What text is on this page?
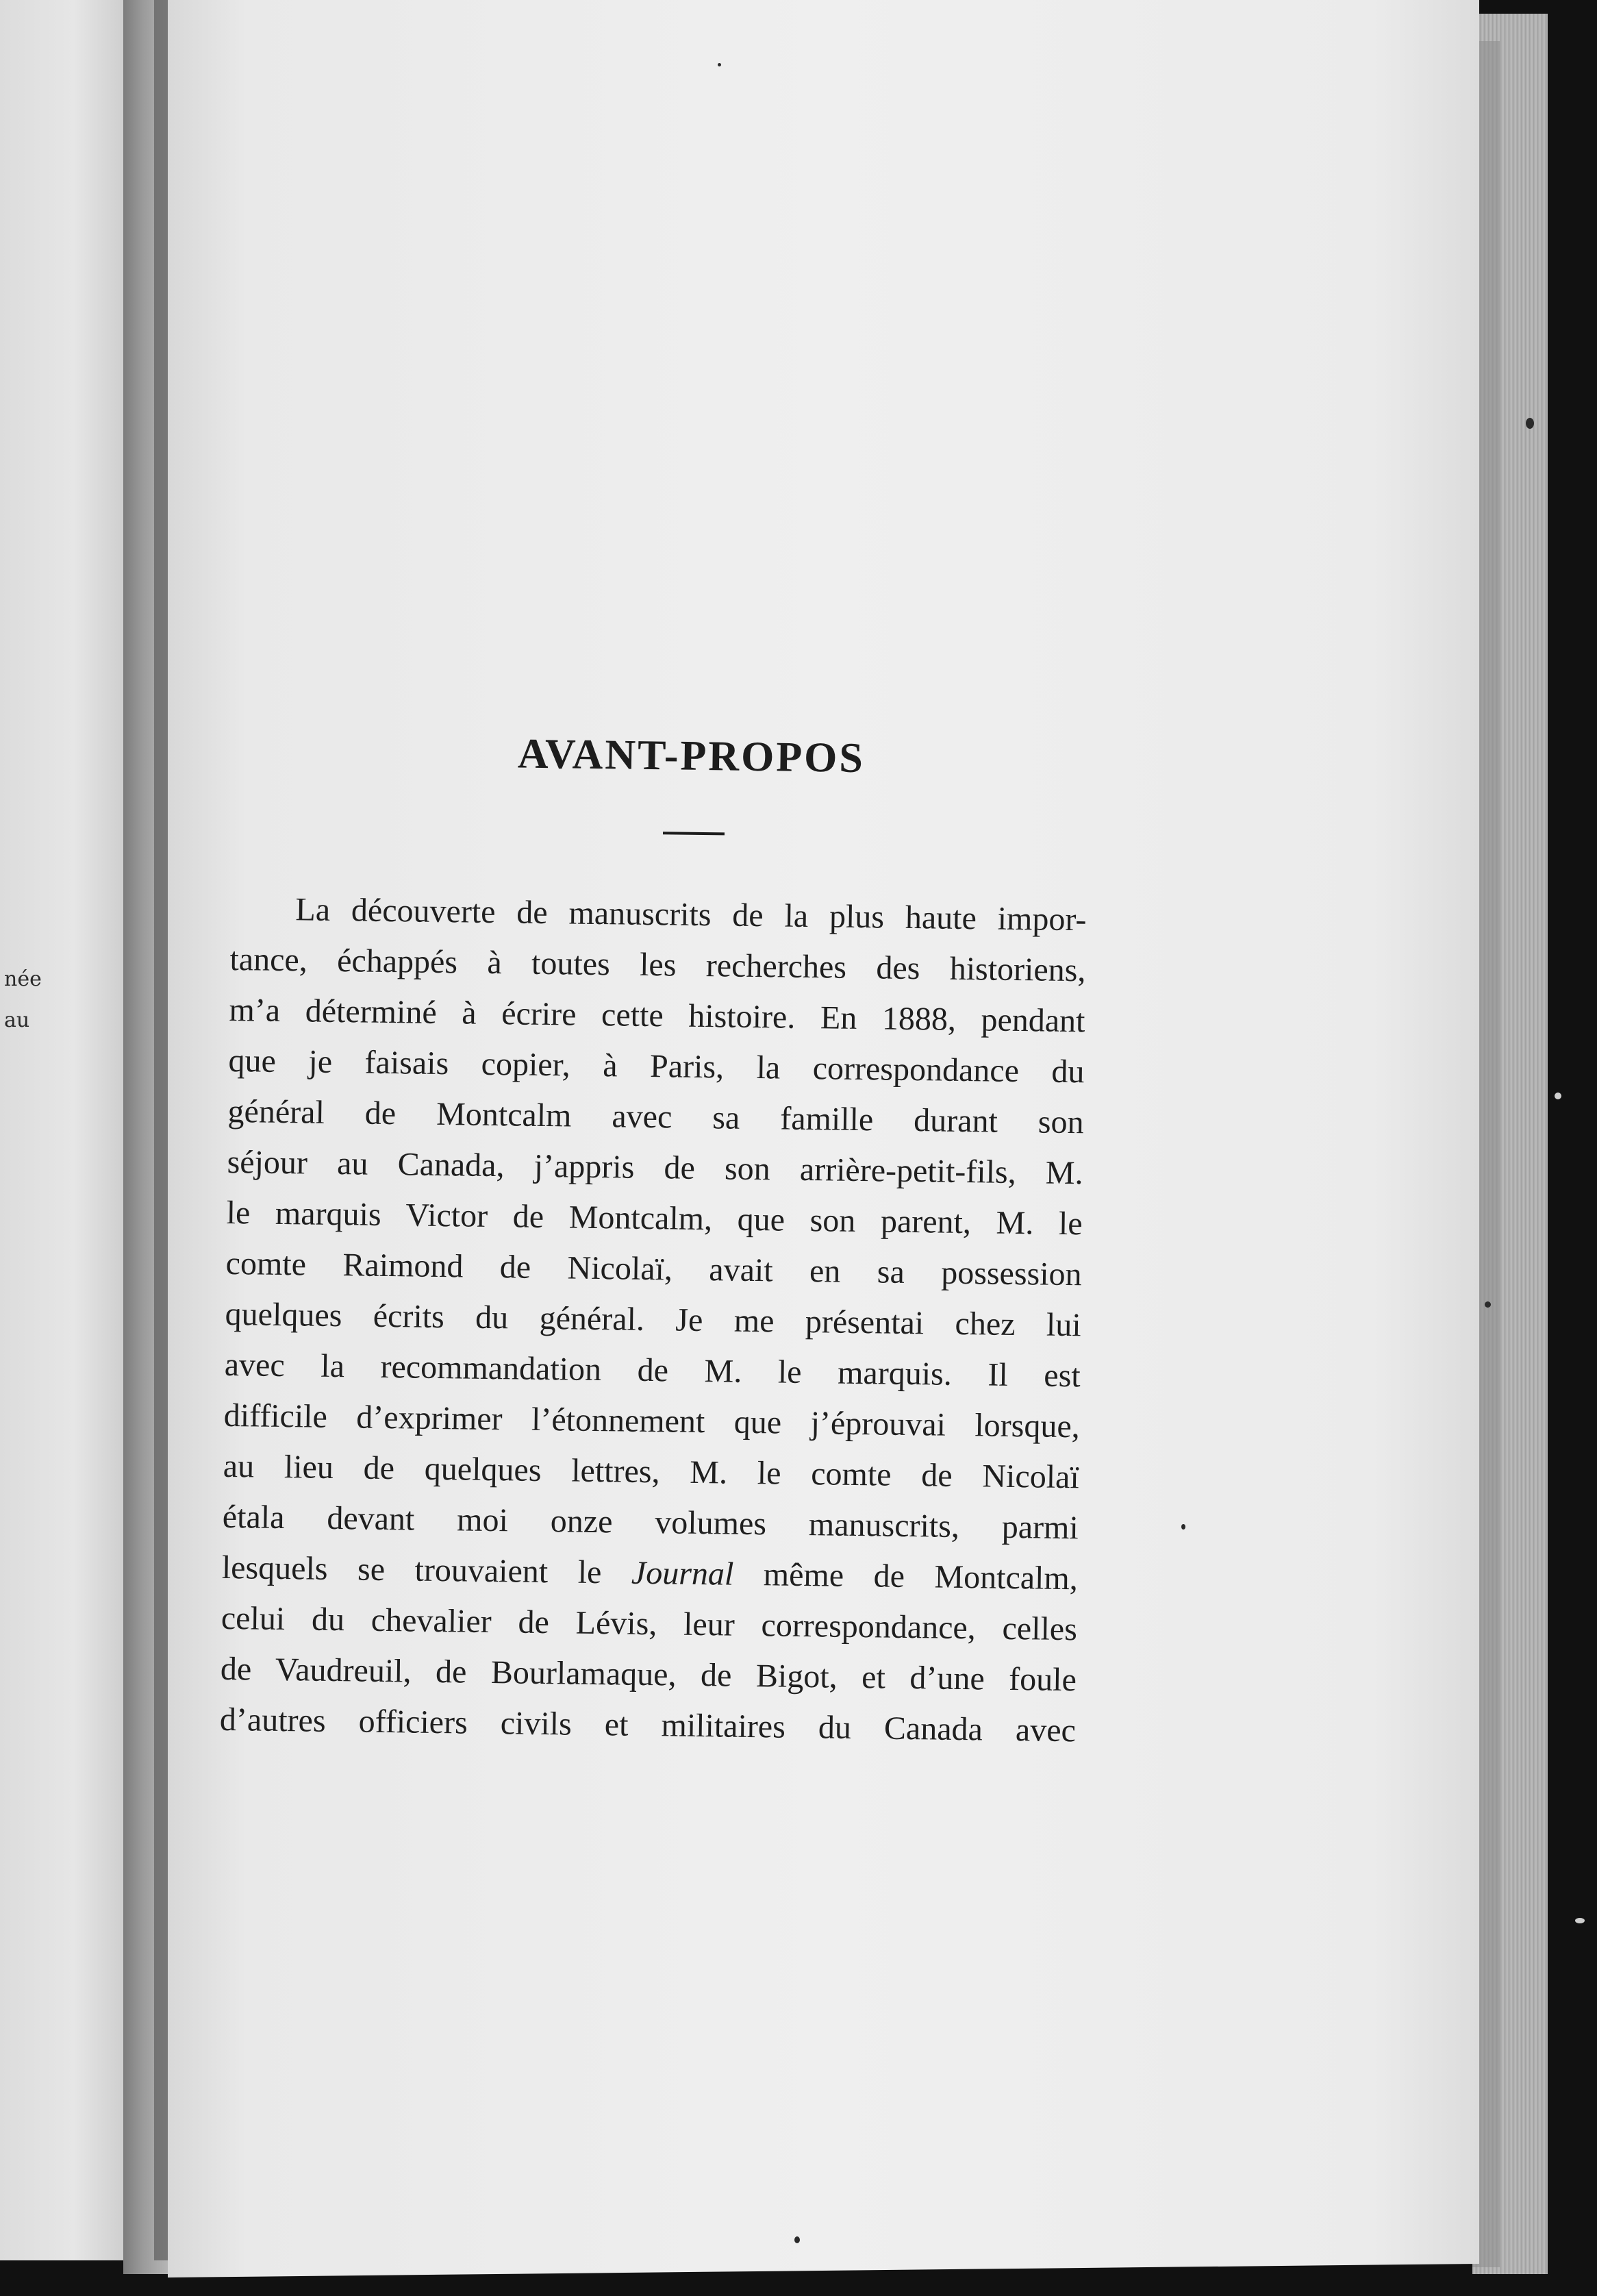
née
au
AVANT-PROPOS
La découverte de manuscrits de la plus haute impor-
tance, échappés à toutes les recherches des historiens,
m’a déterminé à écrire cette histoire. En 1888, pendant
que je faisais copier, à Paris, la correspondance du
général de Montcalm avec sa famille durant son
séjour au Canada, j’appris de son arrière-petit-fils, M.
le marquis Victor de Montcalm, que son parent, M. le
comte Raimond de Nicolaï, avait en sa possession
quelques écrits du général. Je me présentai chez lui
avec la recommandation de M. le marquis. Il est
difficile d’exprimer l’étonnement que j’éprouvai lorsque,
au lieu de quelques lettres, M. le comte de Nicolaï
étala devant moi onze volumes manuscrits, parmi
lesquels se trouvaient le Journal même de Montcalm,
celui du chevalier de Lévis, leur correspondance, celles
de Vaudreuil, de Bourlamaque, de Bigot, et d’une foule
d’autres officiers civils et militaires du Canada avec
